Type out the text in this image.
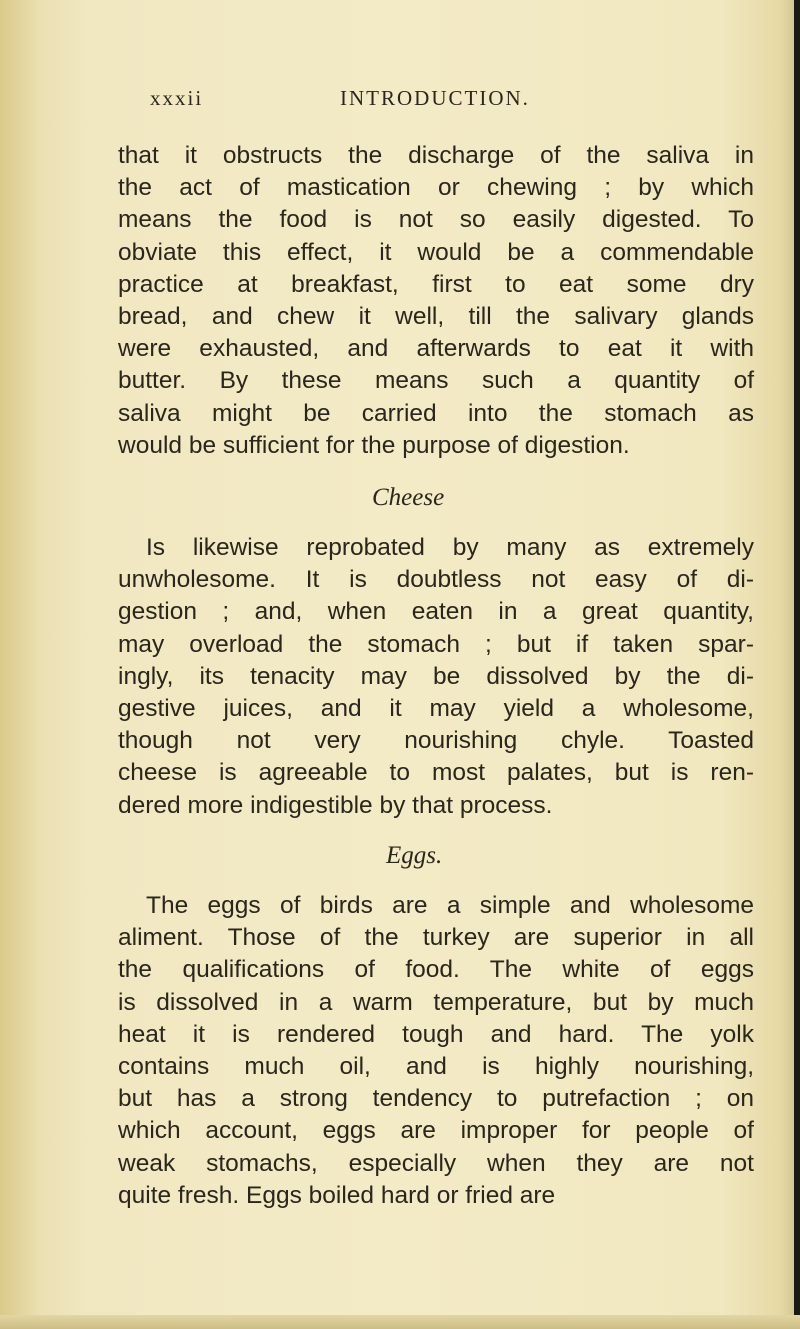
xxxii	INTRODUCTION.
that it obstructs the discharge of the saliva in
the act of mastication or chewing ; by which
means the food is not so easily digested. To
obviate this effect, it would be a commendable
practice at breakfast, first to eat some dry
bread, and chew it well, till the salivary glands
were exhausted, and afterwards to eat it with
butter. By these means such a quantity of
saliva might be carried into the stomach as
would be sufficient for the purpose of digestion.
Cheese
Is likewise reprobated by many as extremely
unwholesome. It is doubtless not easy of di-
gestion ; and, when eaten in a great quantity,
may overload the stomach ; but if taken spar-
ingly, its tenacity may be dissolved by the di-
gestive juices, and it may yield a wholesome,
though not very nourishing chyle. Toasted
cheese is agreeable to most palates, but is ren-
dered more indigestible by that process.
Eggs.
The eggs of birds are a simple and wholesome
aliment. Those of the turkey are superior in all
the qualifications of food. The white of eggs
is dissolved in a warm temperature, but by much
heat it is rendered tough and hard. The yolk
contains much oil, and is highly nourishing,
but has a strong tendency to putrefaction ; on
which account, eggs are improper for people of
weak stomachs, especially when they are not
quite fresh. Eggs boiled hard or fried are
